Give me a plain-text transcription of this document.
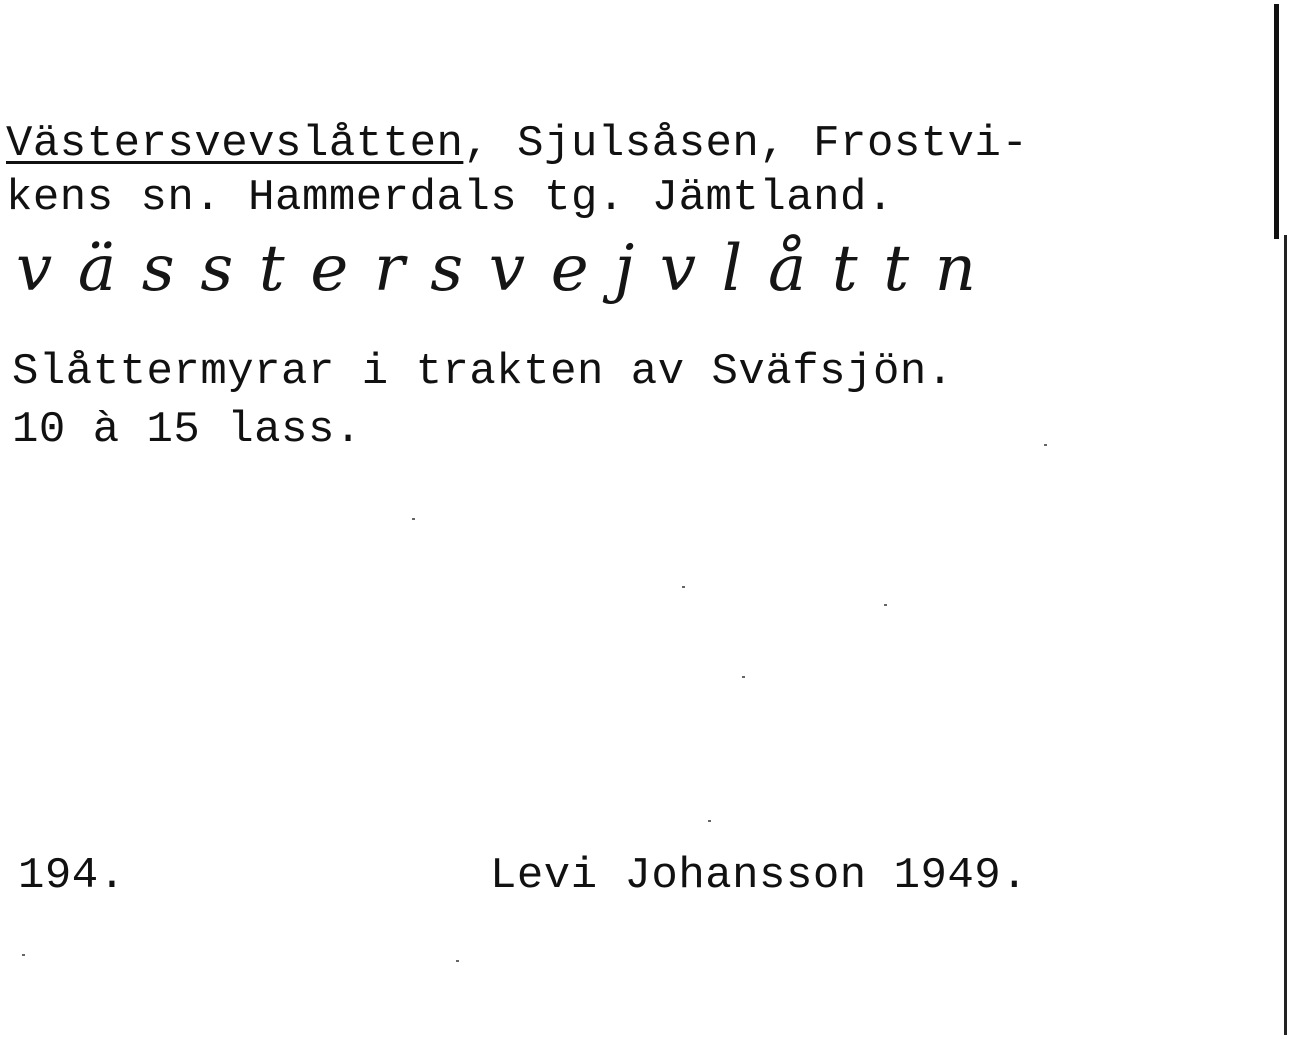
Västersvevslåtten, Sjulsåsen, Frostvi-
kens sn. Hammerdals tg. Jämtland.
vässtersvejvlåttn
Slåttermyrar i trakten av Sväfsjön.
10 à 15 lass.
194.	Levi Johansson 1949.
